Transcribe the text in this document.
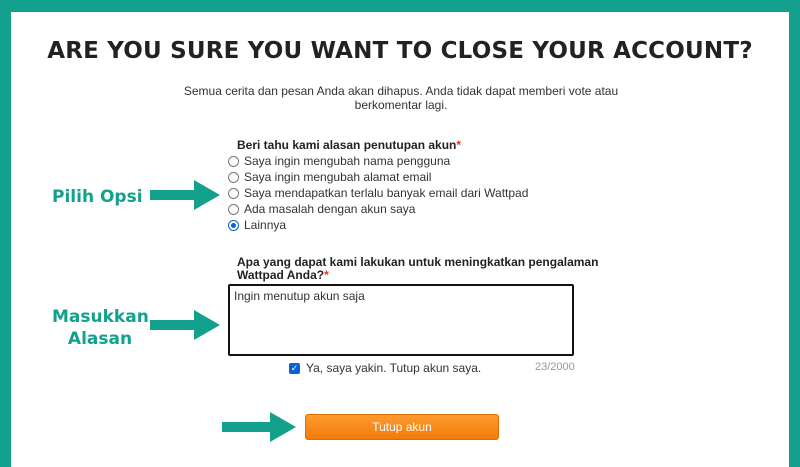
ARE YOU SURE YOU WANT TO CLOSE YOUR ACCOUNT?

Semua cerita dan pesan Anda akan dihapus. Anda tidak dapat memberi vote atau berkomentar lagi.

Beri tahu kami alasan penutupan akun*
Saya ingin mengubah nama pengguna
Saya ingin mengubah alamat email
Saya mendapatkan terlalu banyak email dari Wattpad
Ada masalah dengan akun saya
Lainnya
Apa yang dapat kami lakukan untuk meningkatkan pengalaman Wattpad Anda?*
Ingin menutup akun saja
✓ Ya, saya yakin. Tutup akun saya.	23/2000
Tutup akun
Pilih Opsi
Masukkan
Alasan
